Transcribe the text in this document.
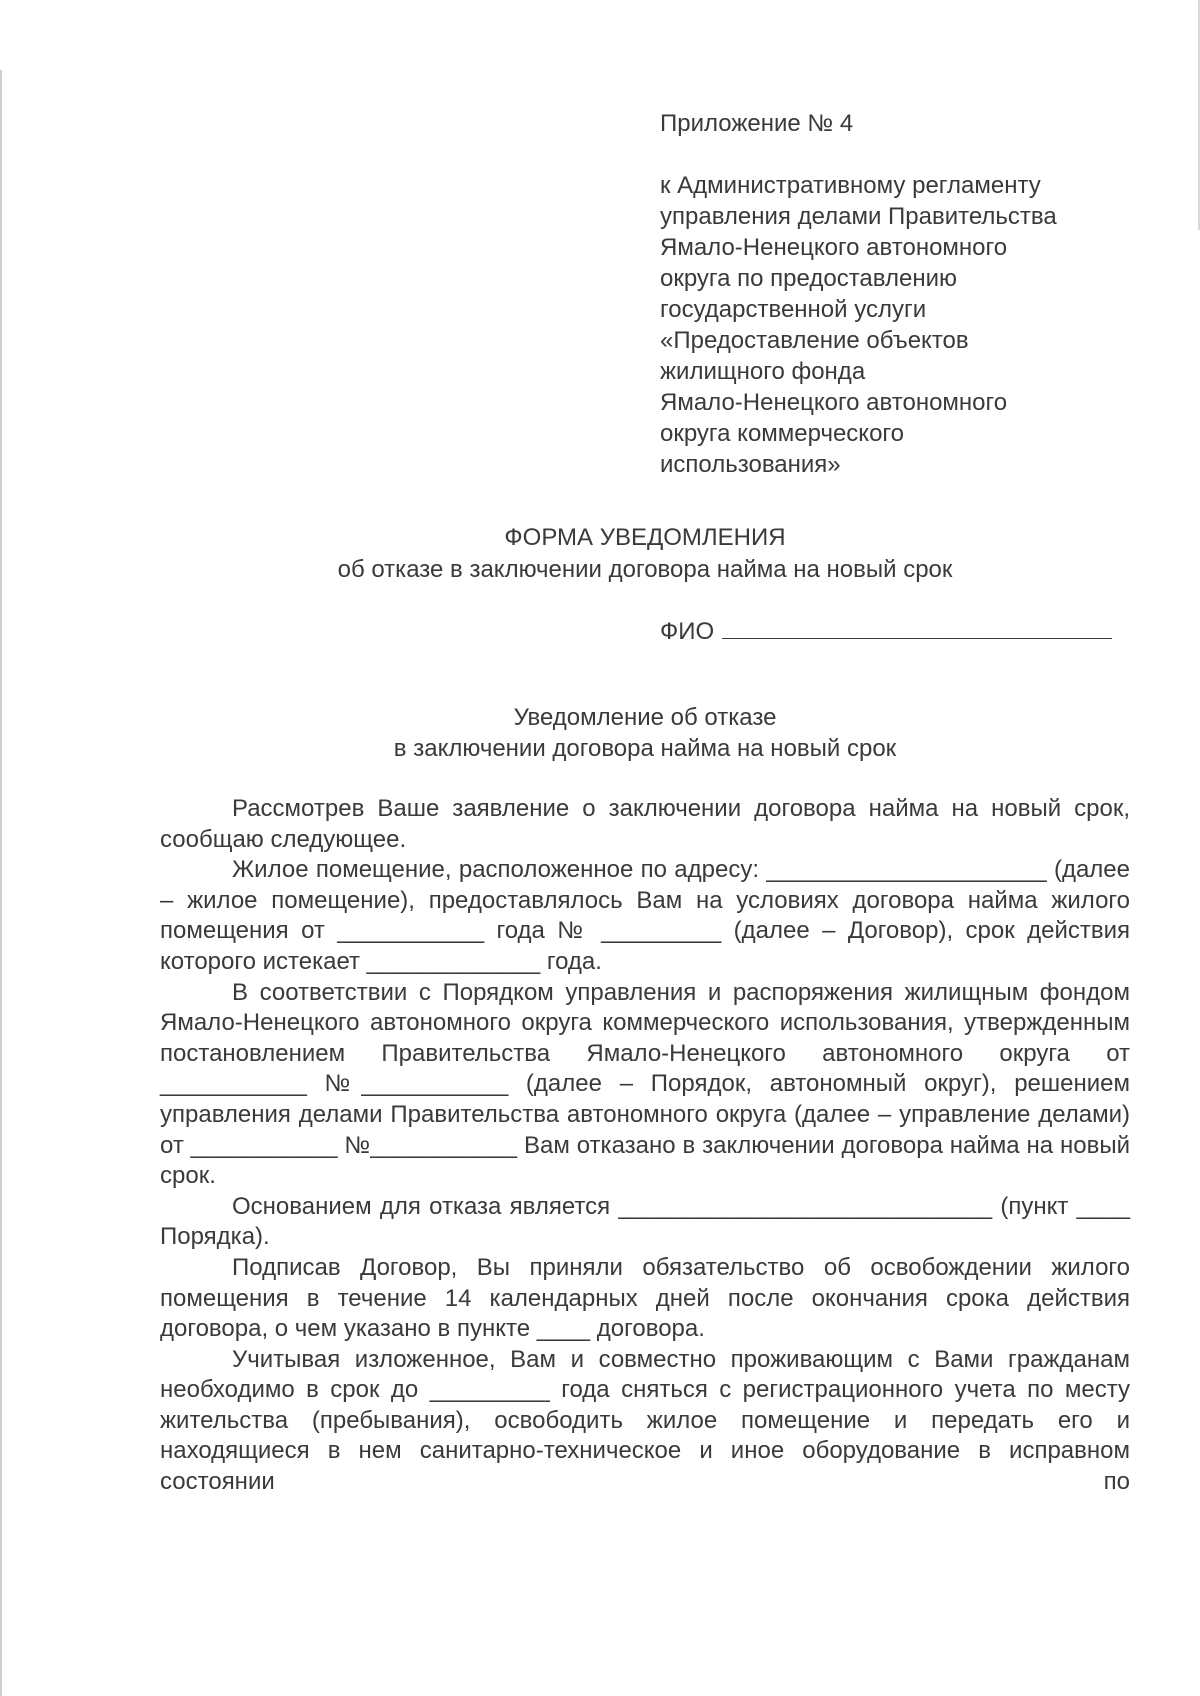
Приложение № 4
к Административному регламенту
управления делами Правительства
Ямало-Ненецкого автономного
округа по предоставлению
государственной услуги
«Предоставление объектов
жилищного фонда
Ямало-Ненецкого автономного
округа коммерческого
использования»
ФОРМА УВЕДОМЛЕНИЯ
об отказе в заключении договора найма на новый срок
ФИО
Уведомление об отказе
в заключении договора найма на новый срок

Рассмотрев Ваше заявление о заключении договора найма на новый срок, сообщаю следующее.

Жилое помещение, расположенное по адресу: _____________________ (далее – жилое помещение), предоставлялось Вам на условиях договора найма жилого помещения от ___________ года № _________ (далее – Договор), срок действия которого истекает _____________ года.

В соответствии с Порядком управления и распоряжения жилищным фондом Ямало-Ненецкого автономного округа коммерческого использования, утвержденным постановлением Правительства Ямало-Ненецкого автономного округа от ___________ №___________ (далее – Порядок, автономный округ), решением управления делами Правительства автономного округа (далее – управление делами) от ___________ №___________ Вам отказано в заключении договора найма на новый срок.

Основанием для отказа является ____________________________ (пункт ____ Порядка).

Подписав Договор, Вы приняли обязательство об освобождении жилого помещения в течение 14 календарных дней после окончания срока действия договора, о чем указано в пункте ____ договора.

Учитывая изложенное, Вам и совместно проживающим с Вами гражданам необходимо в срок до _________ года сняться с регистрационного учета по месту жительства (пребывания), освободить жилое помещение и передать его и находящиеся в нем санитарно-техническое и иное оборудование в исправном состоянии по
